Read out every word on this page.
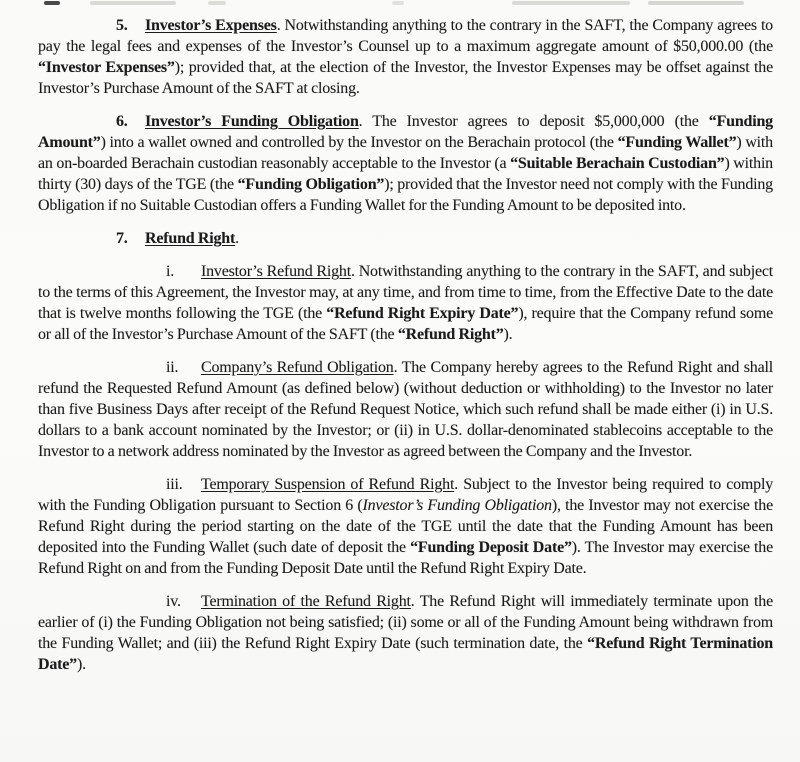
5. Investor’s Expenses. Notwithstanding anything to the contrary in the SAFT, the Company agrees to pay the legal fees and expenses of the Investor’s Counsel up to a maximum aggregate amount of $50,000.00 (the “Investor Expenses”); provided that, at the election of the Investor, the Investor Expenses may be offset against the Investor’s Purchase Amount of the SAFT at closing.

6. Investor’s Funding Obligation. The Investor agrees to deposit $5,000,000 (the “Funding Amount”) into a wallet owned and controlled by the Investor on the Berachain protocol (the “Funding Wallet”) with an on-boarded Berachain custodian reasonably acceptable to the Investor (a “Suitable Berachain Custodian”) within thirty (30) days of the TGE (the “Funding Obligation”); provided that the Investor need not comply with the Funding Obligation if no Suitable Custodian offers a Funding Wallet for the Funding Amount to be deposited into.

7. Refund Right.

i. Investor’s Refund Right. Notwithstanding anything to the contrary in the SAFT, and subject to the terms of this Agreement, the Investor may, at any time, and from time to time, from the Effective Date to the date that is twelve months following the TGE (the “Refund Right Expiry Date”), require that the Company refund some or all of the Investor’s Purchase Amount of the SAFT (the “Refund Right”).

ii. Company’s Refund Obligation. The Company hereby agrees to the Refund Right and shall refund the Requested Refund Amount (as defined below) (without deduction or withholding) to the Investor no later than five Business Days after receipt of the Refund Request Notice, which such refund shall be made either (i) in U.S. dollars to a bank account nominated by the Investor; or (ii) in U.S. dollar-denominated stablecoins acceptable to the Investor to a network address nominated by the Investor as agreed between the Company and the Investor.

iii. Temporary Suspension of Refund Right. Subject to the Investor being required to comply with the Funding Obligation pursuant to Section 6 (Investor’s Funding Obligation), the Investor may not exercise the Refund Right during the period starting on the date of the TGE until the date that the Funding Amount has been deposited into the Funding Wallet (such date of deposit the “Funding Deposit Date”). The Investor may exercise the Refund Right on and from the Funding Deposit Date until the Refund Right Expiry Date.

iv. Termination of the Refund Right. The Refund Right will immediately terminate upon the earlier of (i) the Funding Obligation not being satisfied; (ii) some or all of the Funding Amount being withdrawn from the Funding Wallet; and (iii) the Refund Right Expiry Date (such termination date, the “Refund Right Termination Date”).
